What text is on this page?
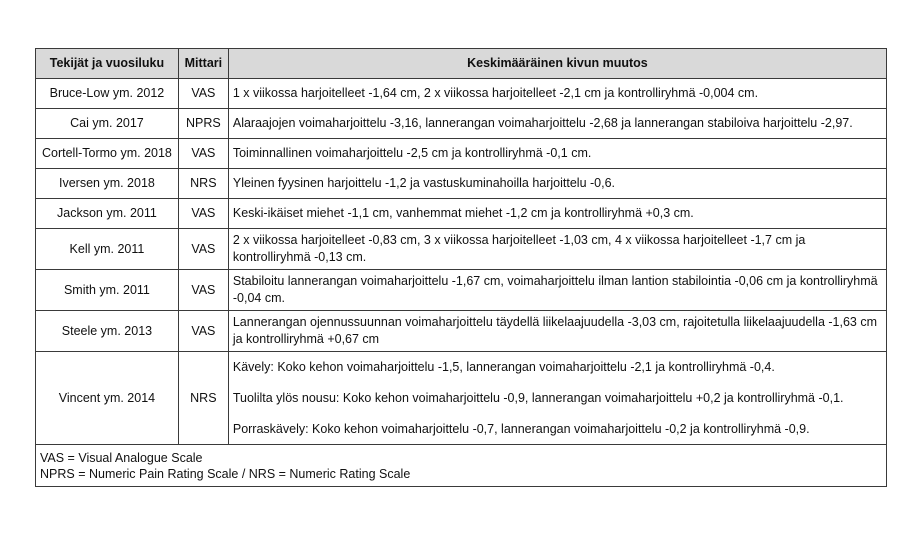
Tekijät ja vuosiluku	Mittari	Keskimääräinen kivun muutos
Bruce-Low ym. 2012	VAS	1 x viikossa harjoitelleet -1,64 cm, 2 x viikossa harjoitelleet -2,1 cm ja kontrolliryhmä -0,004 cm.
Cai ym. 2017	NPRS	Alaraajojen voimaharjoittelu -3,16, lannerangan voimaharjoittelu -2,68 ja lannerangan stabiloiva harjoittelu -2,97.
Cortell-Tormo ym. 2018	VAS	Toiminnallinen voimaharjoittelu -2,5 cm ja kontrolliryhmä -0,1 cm.
Iversen ym. 2018	NRS	Yleinen fyysinen harjoittelu -1,2 ja vastuskuminahoilla harjoittelu -0,6.
Jackson ym. 2011	VAS	Keski-ikäiset miehet -1,1 cm, vanhemmat miehet -1,2 cm ja kontrolliryhmä +0,3 cm.
Kell ym. 2011	VAS	2 x viikossa harjoitelleet -0,83 cm, 3 x viikossa harjoitelleet -1,03 cm, 4 x viikossa harjoitelleet -1,7 cm ja kontrolliryhmä -0,13 cm.
Smith ym. 2011	VAS	Stabiloitu lannerangan voimaharjoittelu -1,67 cm, voimaharjoittelu ilman lantion stabilointia -0,06 cm ja kontrolliryhmä -0,04 cm.
Steele ym. 2013	VAS	Lannerangan ojennussuunnan voimaharjoittelu täydellä liikelaajuudella -3,03 cm, rajoitetulla liikelaajuudella -1,63 cm ja kontrolliryhmä +0,67 cm
Vincent ym. 2014	NRS	Kävely: Koko kehon voimaharjoittelu -1,5, lannerangan voimaharjoittelu -2,1 ja kontrolliryhmä -0,4.
Tuolilta ylös nousu: Koko kehon voimaharjoittelu -0,9, lannerangan voimaharjoittelu +0,2 ja kontrolliryhmä -0,1.
Porraskävely: Koko kehon voimaharjoittelu -0,7, lannerangan voimaharjoittelu -0,2 ja kontrolliryhmä -0,9.

VAS = Visual Analogue Scale
NPRS = Numeric Pain Rating Scale / NRS = Numeric Rating Scale		
